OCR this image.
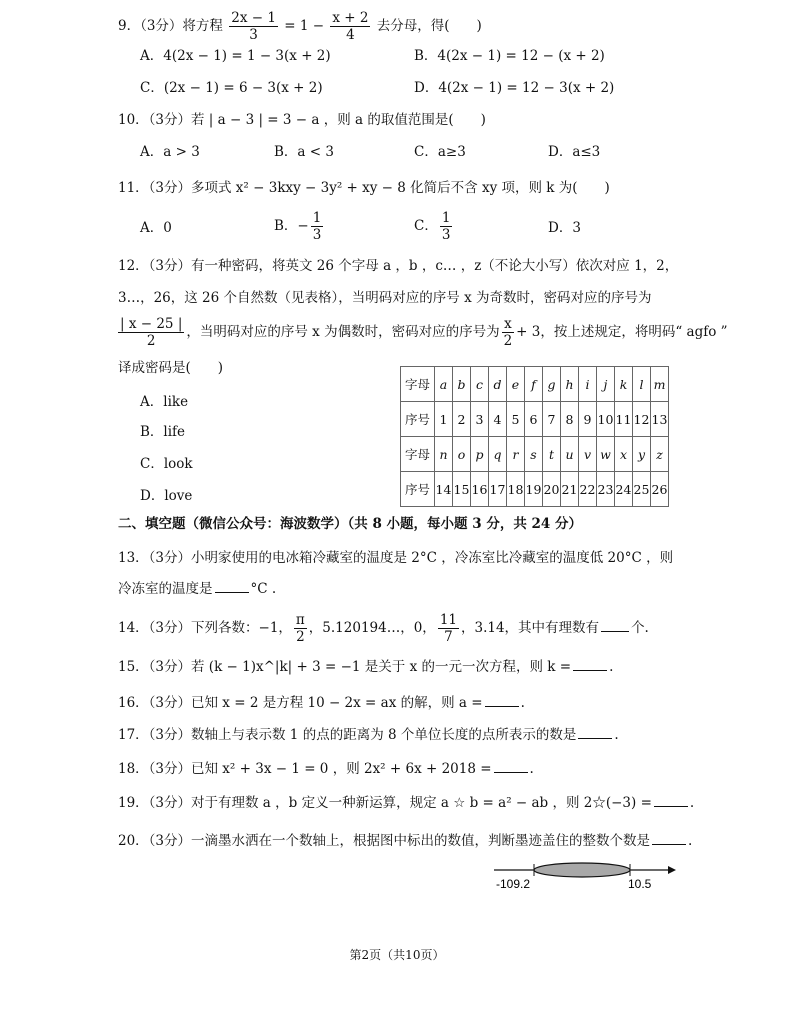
9．（3分）将方程 $\frac{2x - 1}{3} = 1 - \frac{x + 2}{4}$ 去分母，得(　　)
A．4(2x − 1) = 1 − 3(x + 2)	B．4(2x − 1) = 12 − (x + 2)
C．(2x − 1) = 6 − 3(x + 2)	D．4(2x − 1) = 12 − 3(x + 2)
10．（3分）若 | a − 3 | = 3 − a ，则 a 的取值范围是(　　)
A．a > 3	B．a < 3	C．a≥3	D．a≤3
11．（3分）多项式 x² − 3kxy − 3y² + xy − 8 化简后不含 xy 项，则 k 为(　　)
A．0	B．− $\frac{1}{3}$	C． $\frac{1}{3}$	D．3
12．（3分）有一种密码，将英文 26 个字母 a ，b ，c… ，z（不论大小写）依次对应 1，2，
3…，26，这 26 个自然数（见表格），当明码对应的序号 x 为奇数时，密码对应的序号为
$\frac{| x - 25 |}{2}$ ，当明码对应的序号 x 为偶数时，密码对应的序号为 $\frac{x}{2} + 3$，按上述规定，将明码“ agfo ”
译成密码是(　　)
A．like
B．life
C．look
D．love
字母	a	b	c	d	e	f	g	h	i	j	k	l	m
序号	1	2	3	4	5	6	7	8	9	10	11	12	13
字母	n	o	p	q	r	s	t	u	v	w	x	y	z
序号	14	15	16	17	18	19	20	21	22	23	24	25	26
二、填空题（微信公众号：海波数学）（共 8 小题，每小题 3 分，共 24 分）
13．（3分）小明家使用的电冰箱冷藏室的温度是 2°C ，冷冻室比冷藏室的温度低 20°C ，则
冷冻室的温度是	°C .
14．（3分）下列各数：−1， $\frac{\pi}{2}$ ，5.120194…，0， $\frac{11}{7}$ ，3.14，其中有理数有 个.
15．（3分）若 (k − 1)x^|k| + 3 = −1 是关于 x 的一元一次方程，则 k =	.
16．（3分）已知 x = 2 是方程 10 − 2x = ax 的解，则 a =	.
17．（3分）数轴上与表示数 1 的点的距离为 8 个单位长度的点所表示的数是	.
18．（3分）已知 x² + 3x − 1 = 0 ，则 2x² + 6x + 2018 =	.
19．（3分）对于有理数 a ，b 定义一种新运算，规定 a ☆ b = a² − ab ，则 2☆(−3) =	.
20．（3分）一滴墨水洒在一个数轴上，根据图中标出的数值，判断墨迹盖住的整数个数是	.
-109.2	10.5
第2页（共10页）
